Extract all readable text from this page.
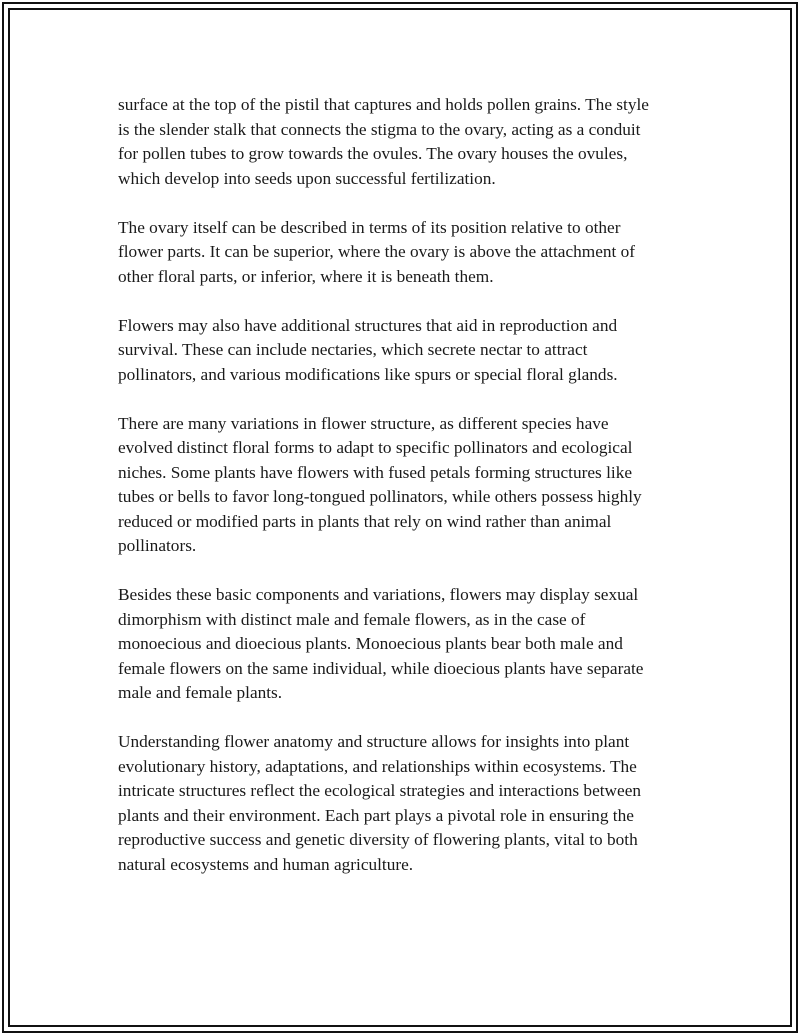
surface at the top of the pistil that captures and holds pollen grains. The style
is the slender stalk that connects the stigma to the ovary, acting as a conduit
for pollen tubes to grow towards the ovules. The ovary houses the ovules,
which develop into seeds upon successful fertilization.

The ovary itself can be described in terms of its position relative to other
flower parts. It can be superior, where the ovary is above the attachment of
other floral parts, or inferior, where it is beneath them.

Flowers may also have additional structures that aid in reproduction and
survival. These can include nectaries, which secrete nectar to attract
pollinators, and various modifications like spurs or special floral glands.

There are many variations in flower structure, as different species have
evolved distinct floral forms to adapt to specific pollinators and ecological
niches. Some plants have flowers with fused petals forming structures like
tubes or bells to favor long-tongued pollinators, while others possess highly
reduced or modified parts in plants that rely on wind rather than animal
pollinators.

Besides these basic components and variations, flowers may display sexual
dimorphism with distinct male and female flowers, as in the case of
monoecious and dioecious plants. Monoecious plants bear both male and
female flowers on the same individual, while dioecious plants have separate
male and female plants.

Understanding flower anatomy and structure allows for insights into plant
evolutionary history, adaptations, and relationships within ecosystems. The
intricate structures reflect the ecological strategies and interactions between
plants and their environment. Each part plays a pivotal role in ensuring the
reproductive success and genetic diversity of flowering plants, vital to both
natural ecosystems and human agriculture.
